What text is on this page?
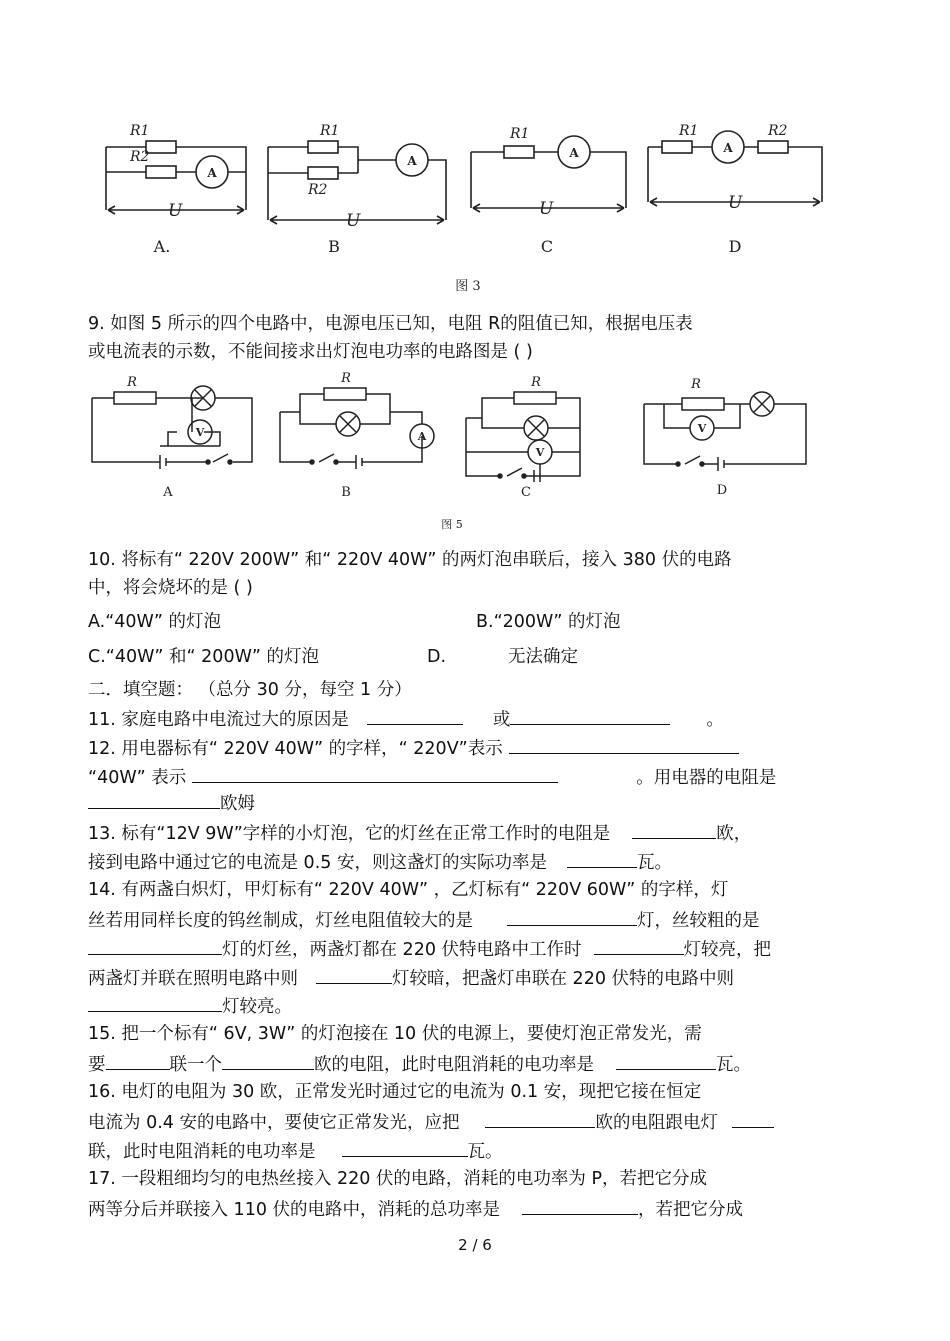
R1
R2
U
R1
R2
U
R1
U
R1	R2
U
A
A
A	A
A.	B	C	D
图 3
9. 如图 5 所示的四个电路中，电源电压已知，电阻 R的阻值已知，根据电压表
或电流表的示数，不能间接求出灯泡电功率的电路图是 ( )
R	R	R	R
V	A
V
V
A	B	C	D
图 5
10. 将标有“ 220V 200W” 和“ 220V 40W” 的两灯泡串联后，接入 380 伏的电路
中，将会烧坏的是 ( )
A.“40W” 的灯泡	B.“200W” 的灯泡
C.“40W” 和“ 200W” 的灯泡	D.	无法确定
二．填空题： （总分 30 分，每空 1 分）
11. 家庭电路中电流过大的原因是	或	。
12. 用电器标有“ 220V 40W” 的字样，“ 220V”表示
“40W” 表示	。用电器的电阻是
欧姆
13. 标有“12V 9W”字样的小灯泡，它的灯丝在正常工作时的电阻是	欧，
接到电路中通过它的电流是 0.5 安，则这盏灯的实际功率是	瓦。
14. 有两盏白炽灯，甲灯标有“ 220V 40W” ，乙灯标有“ 220V 60W” 的字样，灯
丝若用同样长度的钨丝制成，灯丝电阻值较大的是	灯，丝较粗的是
灯的灯丝，两盏灯都在 220 伏特电路中工作时	灯较亮，把
两盏灯并联在照明电路中则	灯较暗，把盏灯串联在 220 伏特的电路中则
灯较亮。
15. 把一个标有“ 6V, 3W” 的灯泡接在 10 伏的电源上，要使灯泡正常发光，需
要	联一个	欧的电阻，此时电阻消耗的电功率是	瓦。
16. 电灯的电阻为 30 欧，正常发光时通过它的电流为 0.1 安，现把它接在恒定
电流为 0.4 安的电路中，要使它正常发光，应把	欧的电阻跟电灯
联，此时电阻消耗的电功率是	瓦。
17. 一段粗细均匀的电热丝接入 220 伏的电路，消耗的电功率为 P，若把它分成
两等分后并联接入 110 伏的电路中，消耗的总功率是	，若把它分成
2 / 6
